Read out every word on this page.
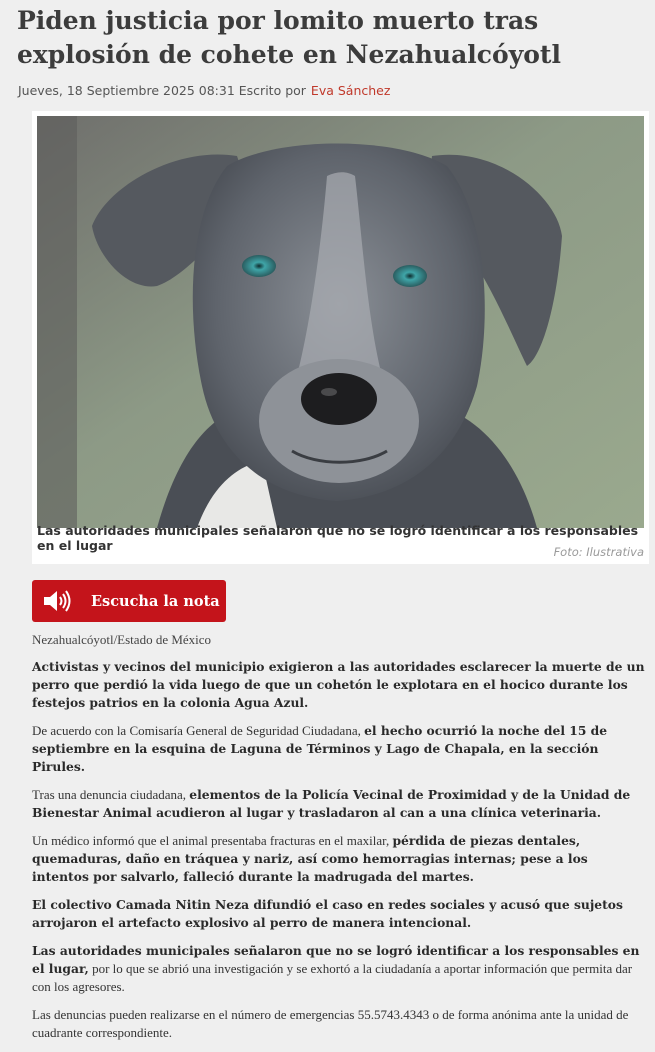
Piden justicia por lomito muerto tras explosión de cohete en Nezahualcóyotl
Jueves, 18 Septiembre 2025 08:31 Escrito por Eva Sánchez
Las autoridades municipales señalaron que no se logró identificar a los responsables en el lugar	Foto: Ilustrativa
Escucha la nota
Nezahualcóyotl/Estado de México

Activistas y vecinos del municipio exigieron a las autoridades esclarecer la muerte de un perro que perdió la vida luego de que un cohetón le explotara en el hocico durante los festejos patrios en la colonia Agua Azul.

De acuerdo con la Comisaría General de Seguridad Ciudadana, el hecho ocurrió la noche del 15 de septiembre en la esquina de Laguna de Términos y Lago de Chapala, en la sección Pirules.

Tras una denuncia ciudadana, elementos de la Policía Vecinal de Proximidad y de la Unidad de Bienestar Animal acudieron al lugar y trasladaron al can a una clínica veterinaria.

Un médico informó que el animal presentaba fracturas en el maxilar, pérdida de piezas dentales, quemaduras, daño en tráquea y nariz, así como hemorragias internas; pese a los intentos por salvarlo, falleció durante la madrugada del martes.

El colectivo Camada Nitin Neza difundió el caso en redes sociales y acusó que sujetos arrojaron el artefacto explosivo al perro de manera intencional.

Las autoridades municipales señalaron que no se logró identificar a los responsables en el lugar, por lo que se abrió una investigación y se exhortó a la ciudadanía a aportar información que permita dar con los agresores.

Las denuncias pueden realizarse en el número de emergencias 55.5743.4343 o de forma anónima ante la unidad de cuadrante correspondiente.
